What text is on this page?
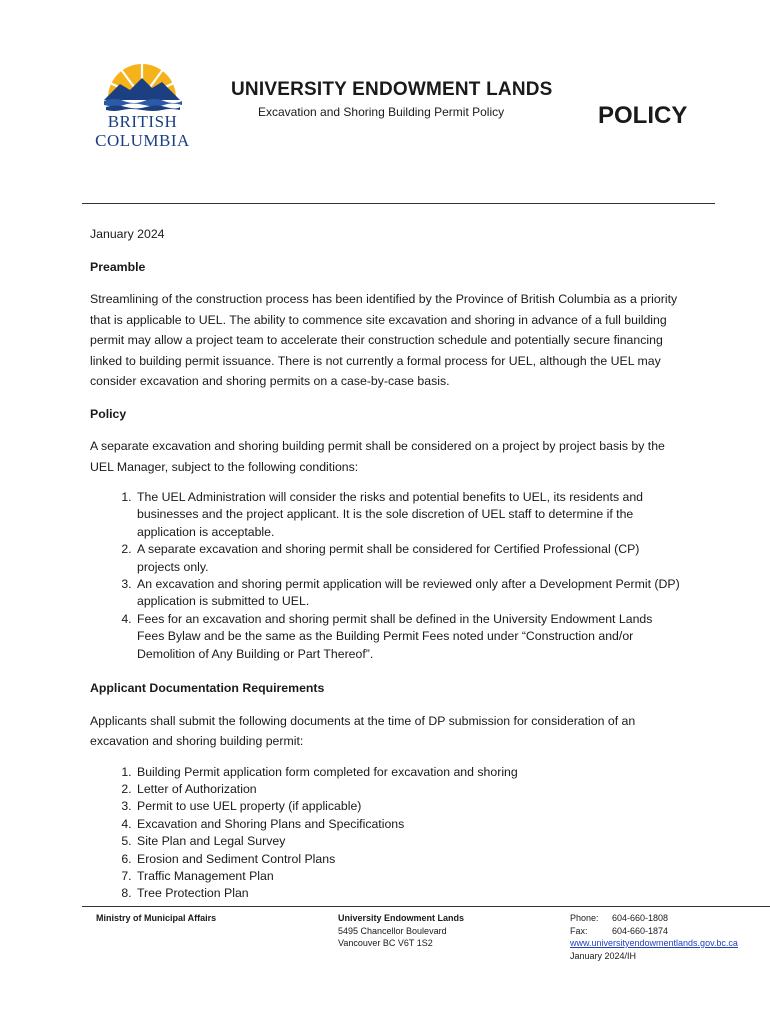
BRITISH
COLUMBIA
UNIVERSITY ENDOWMENT LANDS
Excavation and Shoring Building Permit Policy	POLICY

January 2024

Preamble

Streamlining of the construction process has been identified by the Province of British Columbia as a priority that is applicable to UEL. The ability to commence site excavation and shoring in advance of a full building permit may allow a project team to accelerate their construction schedule and potentially secure financing linked to building permit issuance. There is not currently a formal process for UEL, although the UEL may consider excavation and shoring permits on a case-by-case basis.

Policy

A separate excavation and shoring building permit shall be considered on a project by project basis by the UEL Manager, subject to the following conditions:

1. The UEL Administration will consider the risks and potential benefits to UEL, its residents and businesses and the project applicant. It is the sole discretion of UEL staff to determine if the application is acceptable.
2. A separate excavation and shoring permit shall be considered for Certified Professional (CP) projects only.
3. An excavation and shoring permit application will be reviewed only after a Development Permit (DP) application is submitted to UEL.
4. Fees for an excavation and shoring permit shall be defined in the University Endowment Lands Fees Bylaw and be the same as the Building Permit Fees noted under “Construction and/or Demolition of Any Building or Part Thereof”.

Applicant Documentation Requirements

Applicants shall submit the following documents at the time of DP submission for consideration of an excavation and shoring building permit:

1. Building Permit application form completed for excavation and shoring
2. Letter of Authorization
3. Permit to use UEL property (if applicable)
4. Excavation and Shoring Plans and Specifications
5. Site Plan and Legal Survey
6. Erosion and Sediment Control Plans
7. Traffic Management Plan
8. Tree Protection Plan
Ministry of Municipal Affairs	University Endowment Lands
5495 Chancellor Boulevard
Vancouver BC V6T 1S2
Phone: 604-660-1808
Fax:	604-660-1874
www.universityendowmentlands.gov.bc.ca
January 2024/IH
